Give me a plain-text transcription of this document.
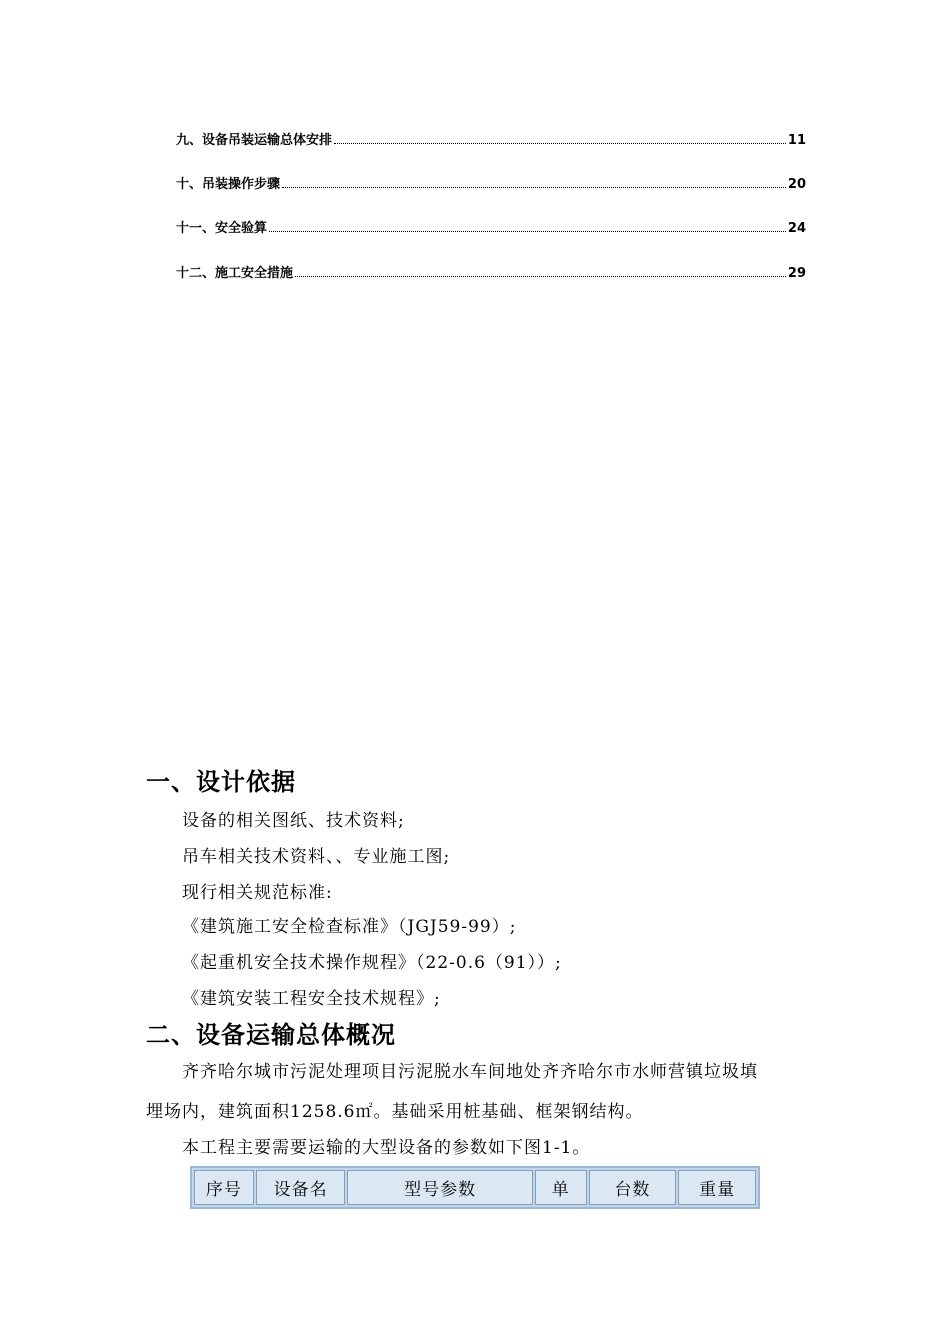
九、设备吊装运输总体安排	11
十、吊装操作步骤	20
十一、安全验算	24
十二、施工安全措施	29
一、设计依据
设备的相关图纸、技术资料;
吊车相关技术资料、、专业施工图;
现行相关规范标准:
《建筑施工安全检查标准》（JGJ59-99）;
《起重机安全技术操作规程》（22-0.6（91））;
《建筑安装工程安全技术规程》;
二、设备运输总体概况
齐齐哈尔城市污泥处理项目污泥脱水车间地处齐齐哈尔市水师营镇垃圾填
埋场内，建筑面积1258.6㎡。基础采用桩基础、框架钢结构。
本工程主要需要运输的大型设备的参数如下图1-1。
序号	设备名	型号参数	单	台数	重量
